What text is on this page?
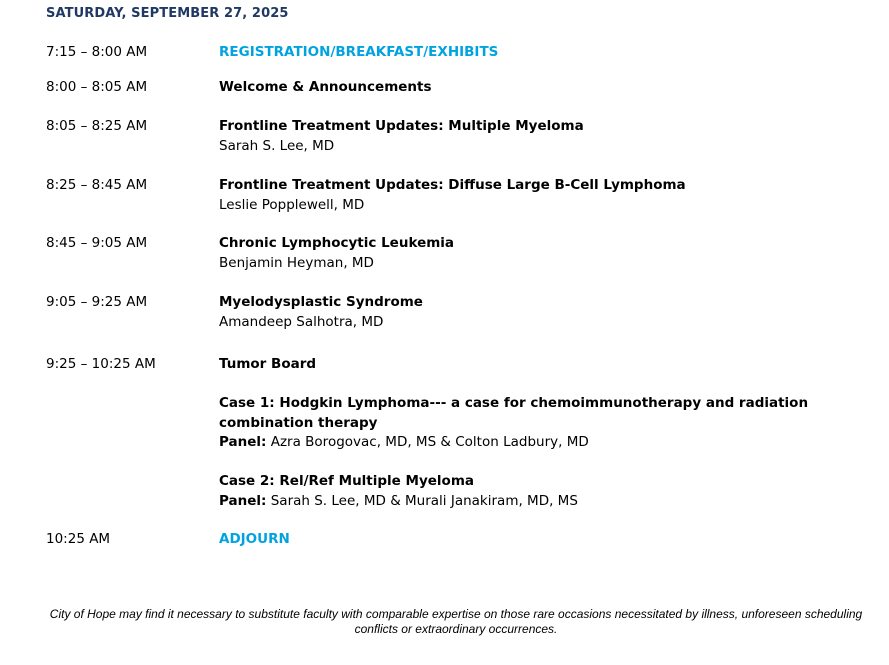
SATURDAY, SEPTEMBER 27, 2025
7:15 – 8:00 AM	REGISTRATION/BREAKFAST/EXHIBITS
8:00 – 8:05 AM	Welcome & Announcements
8:05 – 8:25 AM	Frontline Treatment Updates: Multiple Myeloma
Sarah S. Lee, MD
8:25 – 8:45 AM	Frontline Treatment Updates: Diffuse Large B-Cell Lymphoma
Leslie Popplewell, MD
8:45 – 9:05 AM	Chronic Lymphocytic Leukemia
Benjamin Heyman, MD
9:05 – 9:25 AM	Myelodysplastic Syndrome
Amandeep Salhotra, MD
9:25 – 10:25 AM	Tumor Board
Case 1: Hodgkin Lymphoma--- a case for chemoimmunotherapy and radiation combination therapy
Panel: Azra Borogovac, MD, MS & Colton Ladbury, MD
Case 2: Rel/Ref Multiple Myeloma
Panel: Sarah S. Lee, MD & Murali Janakiram, MD, MS
10:25 AM	ADJOURN
City of Hope may find it necessary to substitute faculty with comparable expertise on those rare occasions necessitated by illness, unforeseen scheduling conflicts or extraordinary occurrences.
